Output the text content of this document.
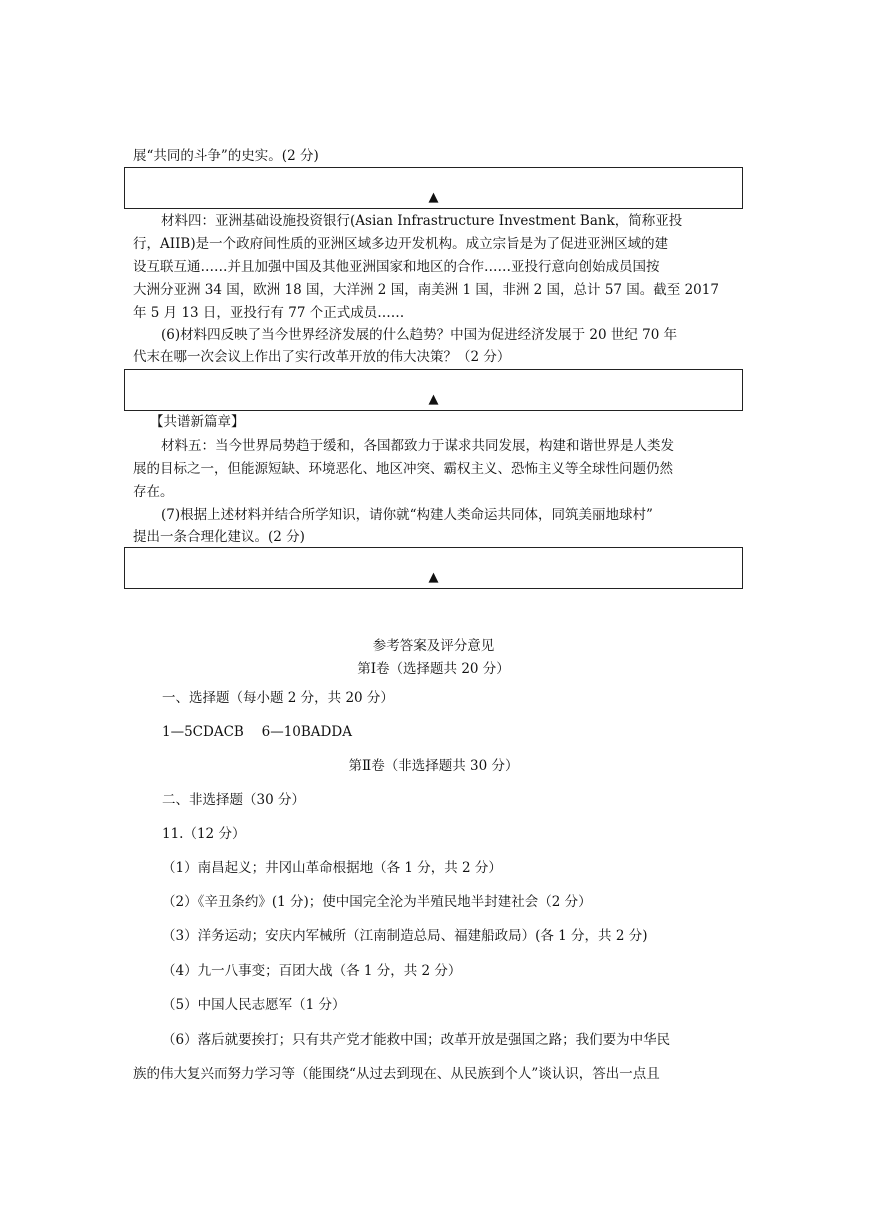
展“共同的斗争”的史实。(2 分)
▲
材料四：亚洲基础设施投资银行(Asian Infrastructure Investment Bank，简称亚投
行，AIIB)是一个政府间性质的亚洲区域多边开发机构。成立宗旨是为了促进亚洲区域的建
设互联互通……并且加强中国及其他亚洲国家和地区的合作……亚投行意向创始成员国按
大洲分亚洲 34 国，欧洲 18 国，大洋洲 2 国，南美洲 1 国，非洲 2 国，总计 57 国。截至 2017
年 5 月 13 日，亚投行有 77 个正式成员……
(6)材料四反映了当今世界经济发展的什么趋势？中国为促进经济发展于 20 世纪 70 年
代末在哪一次会议上作出了实行改革开放的伟大决策？（2 分）
▲
【共谱新篇章】
材料五：当今世界局势趋于缓和，各国都致力于谋求共同发展，构建和谐世界是人类发
展的目标之一，但能源短缺、环境恶化、地区冲突、霸权主义、恐怖主义等全球性问题仍然
存在。
(7)根据上述材料并结合所学知识，请你就“构建人类命运共同体，同筑美丽地球村”
提出一条合理化建议。(2 分)
▲
参考答案及评分意见
第Ⅰ卷（选择题共 20 分）
一、选择题（每小题 2 分，共 20 分）
1—5CDACB　 6—10BADDA
第Ⅱ卷（非选择题共 30 分）
二、非选择题（30 分）
11.（12 分）
（1）南昌起义；井冈山革命根据地（各 1 分，共 2 分）
（2）《辛丑条约》(1 分)；使中国完全沦为半殖民地半封建社会（2 分）
（3）洋务运动；安庆内军械所（江南制造总局、福建船政局）(各 1 分，共 2 分)
（4）九一八事变；百团大战（各 1 分，共 2 分）
（5）中国人民志愿军（1 分）
（6）落后就要挨打；只有共产党才能救中国；改革开放是强国之路；我们要为中华民
族的伟大复兴而努力学习等（能围绕“从过去到现在、从民族到个人”谈认识，答出一点且
